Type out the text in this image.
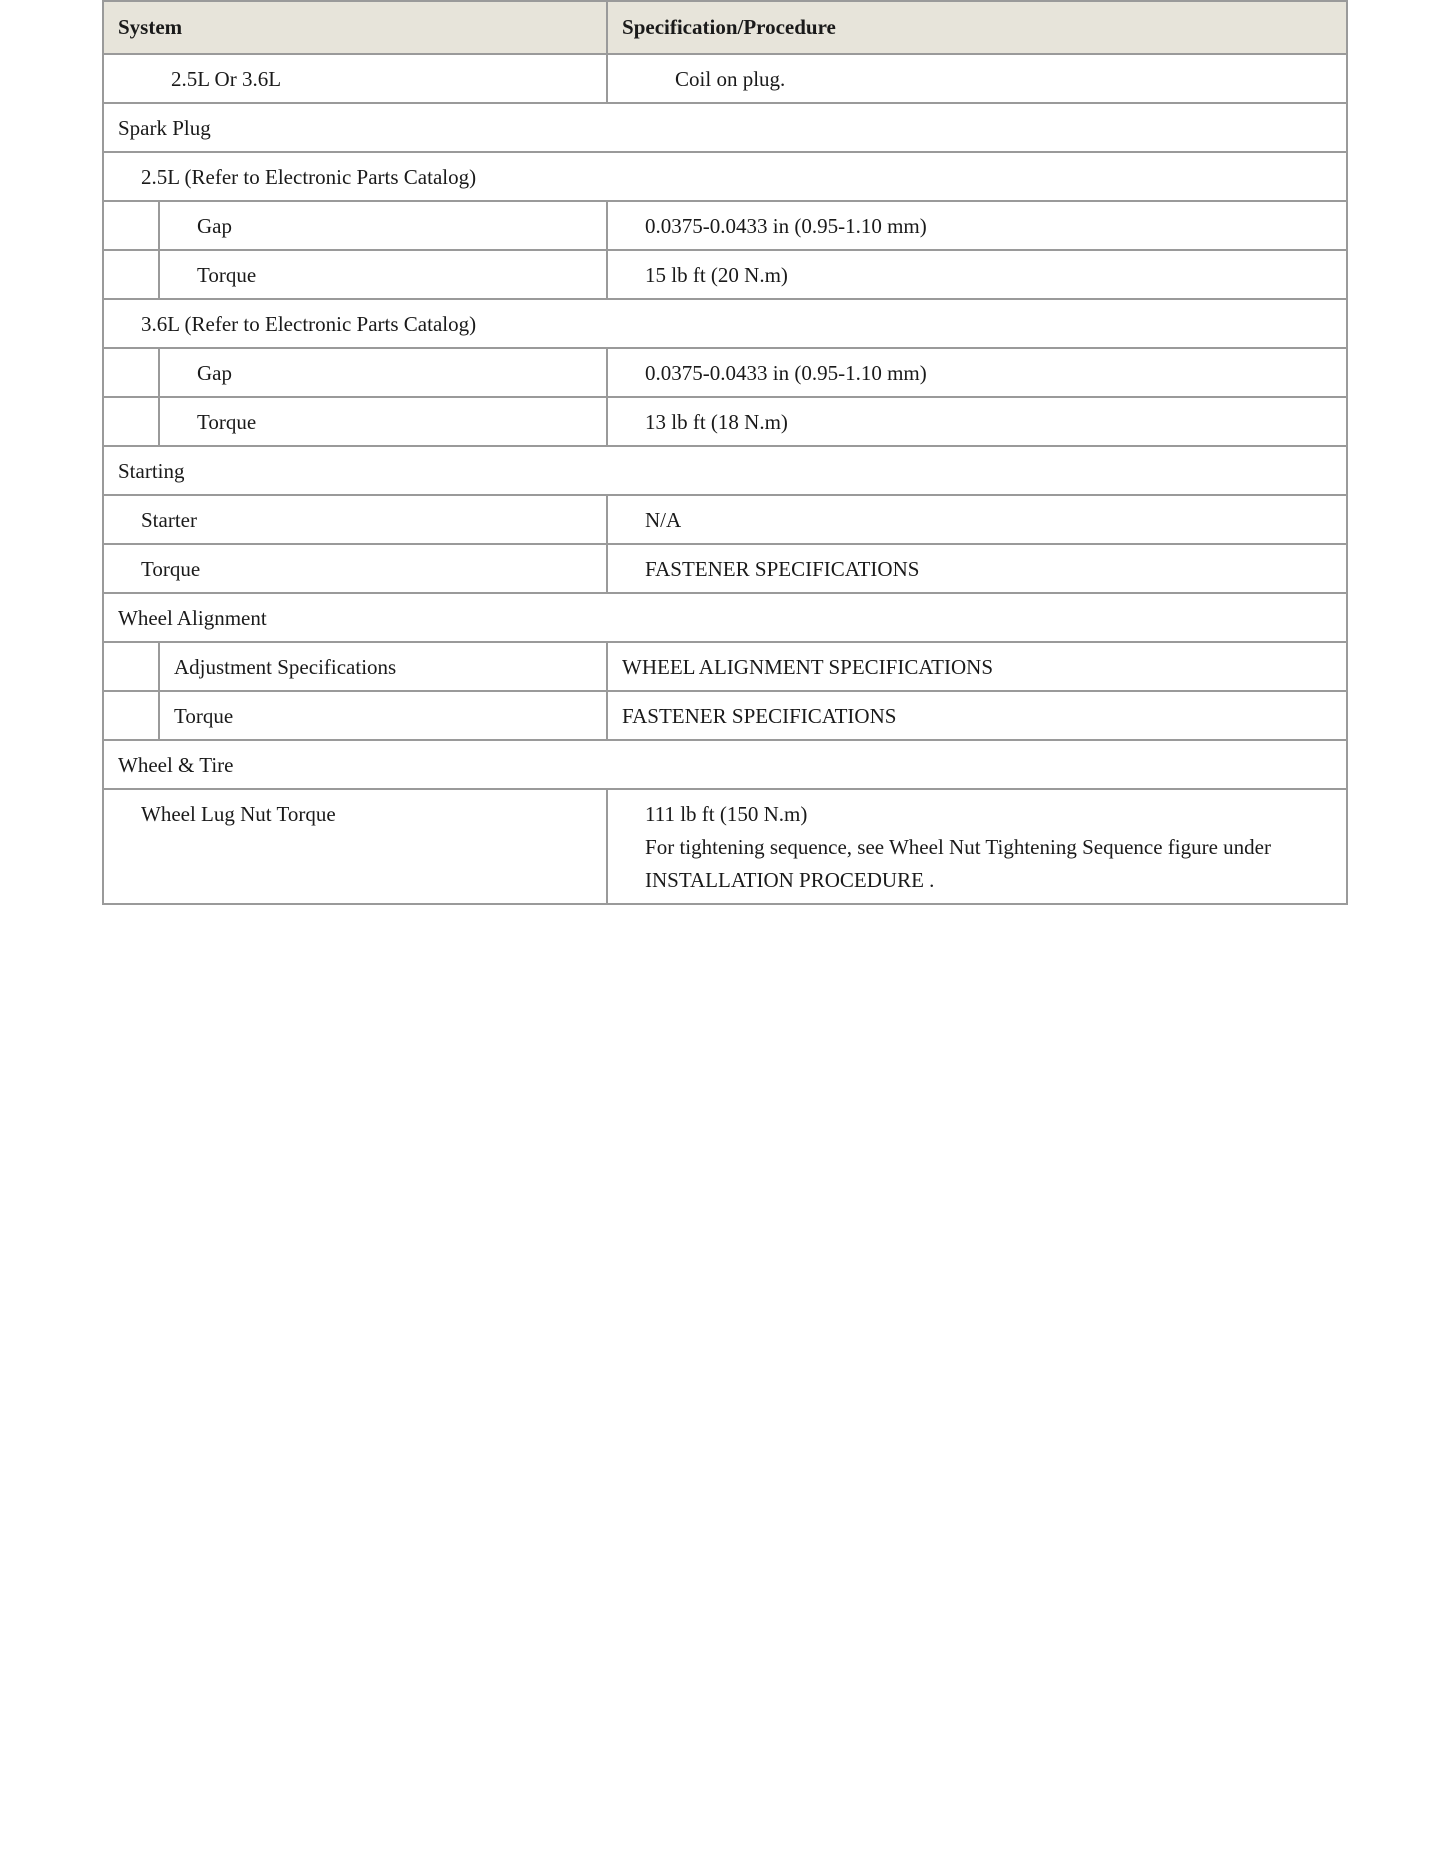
System		Specification/Procedure
2.5L Or 3.6L		Coil on plug.
Spark Plug		
2.5L (Refer to Electronic Parts Catalog)		
	Gap	0.0375-0.0433 in (0.95-1.10 mm)
	Torque	15 lb ft (20 N.m)
3.6L (Refer to Electronic Parts Catalog)		
	Gap	0.0375-0.0433 in (0.95-1.10 mm)
	Torque	13 lb ft (18 N.m)
Starting		
Starter		N/A
Torque		FASTENER SPECIFICATIONS
Wheel Alignment		
	Adjustment Specifications	WHEEL ALIGNMENT SPECIFICATIONS
	Torque	FASTENER SPECIFICATIONS
Wheel & Tire		
Wheel Lug Nut Torque		111 lb ft (150 N.m)
For tightening sequence, see Wheel Nut Tightening Sequence figure under INSTALLATION PROCEDURE .
